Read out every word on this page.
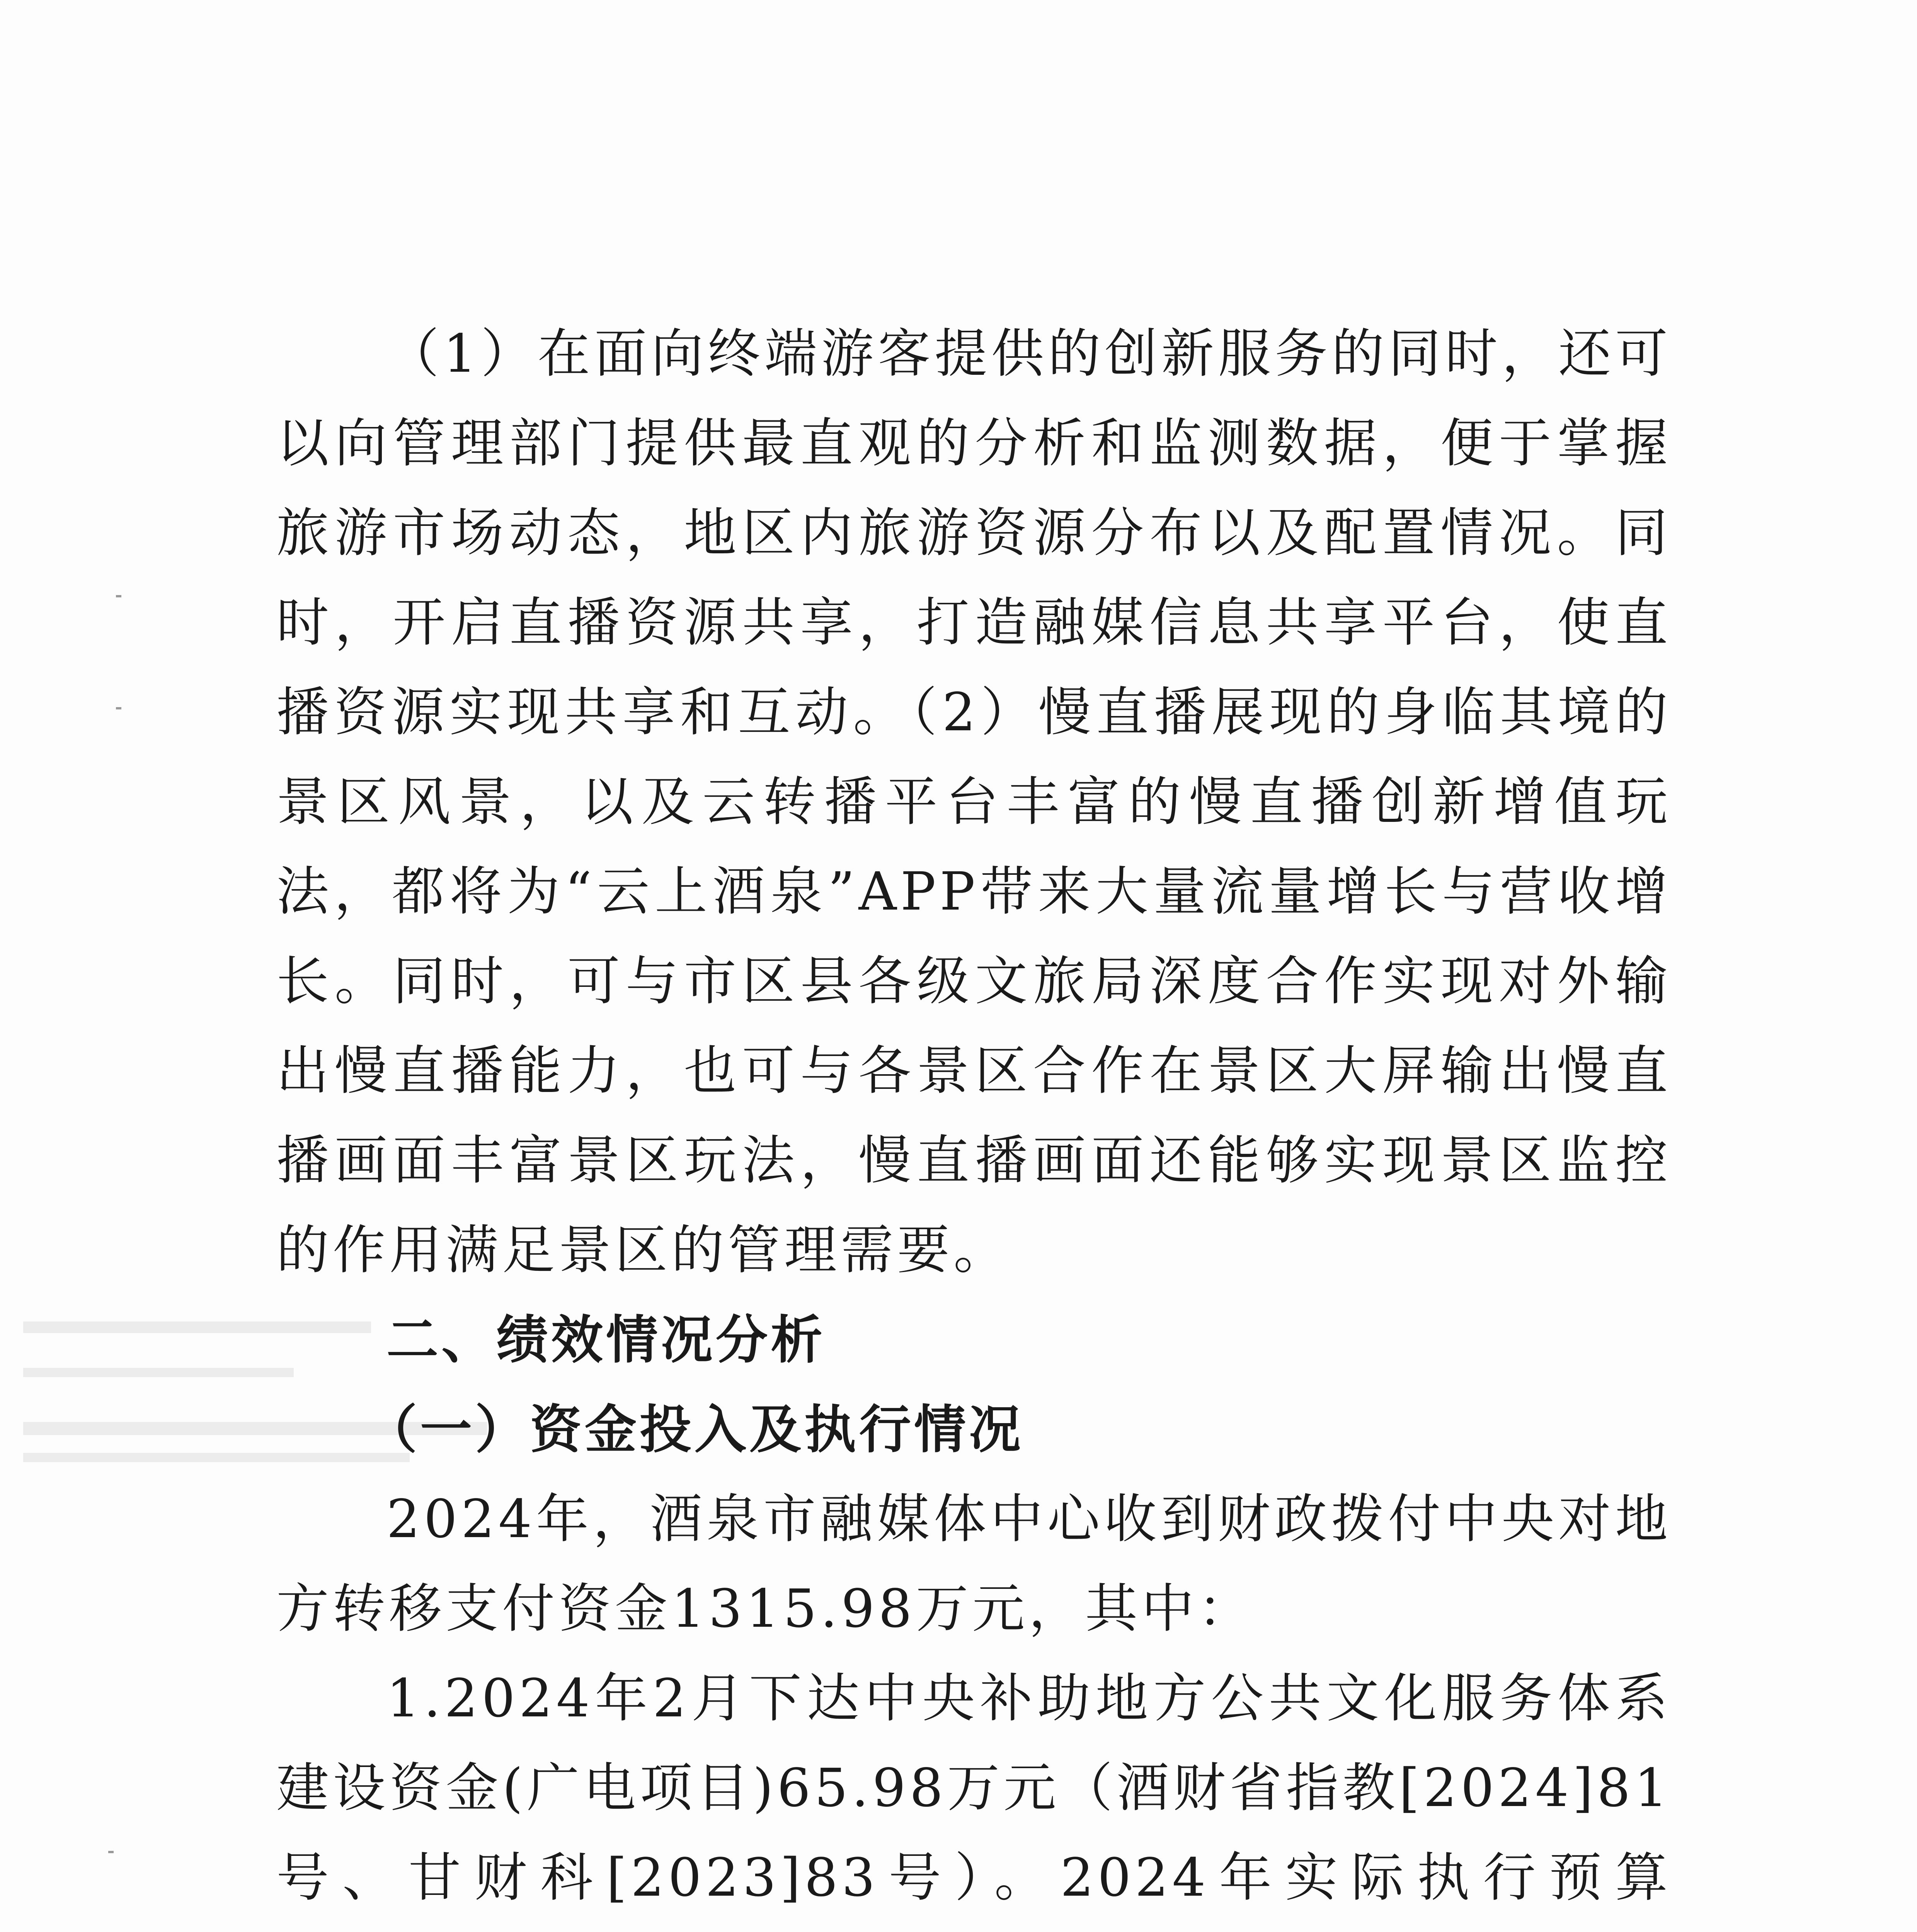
（1）在面向终端游客提供的创新服务的同时，还可以向管理部门提供最直观的分析和监测数据，便于掌握旅游市场动态，地区内旅游资源分布以及配置情况。同时，开启直播资源共享，打造融媒信息共享平台，使直播资源实现共享和互动。（2）慢直播展现的身临其境的景区风景，以及云转播平台丰富的慢直播创新增值玩法，都将为“云上酒泉”APP带来大量流量增长与营收增长。同时，可与市区县各级文旅局深度合作实现对外输出慢直播能力，也可与各景区合作在景区大屏输出慢直播画面丰富景区玩法，慢直播画面还能够实现景区监控的作用满足景区的管理需要。

二、绩效情况分析

（一）资金投入及执行情况

2024年，酒泉市融媒体中心收到财政拨付中央对地方转移支付资金1315.98万元，其中：

1.2024年2月下达中央补助地方公共文化服务体系建设资金(广电项目)65.98万元（酒财省指教[2024]81号、甘财科[2023]83号）。2024年实际执行预算
